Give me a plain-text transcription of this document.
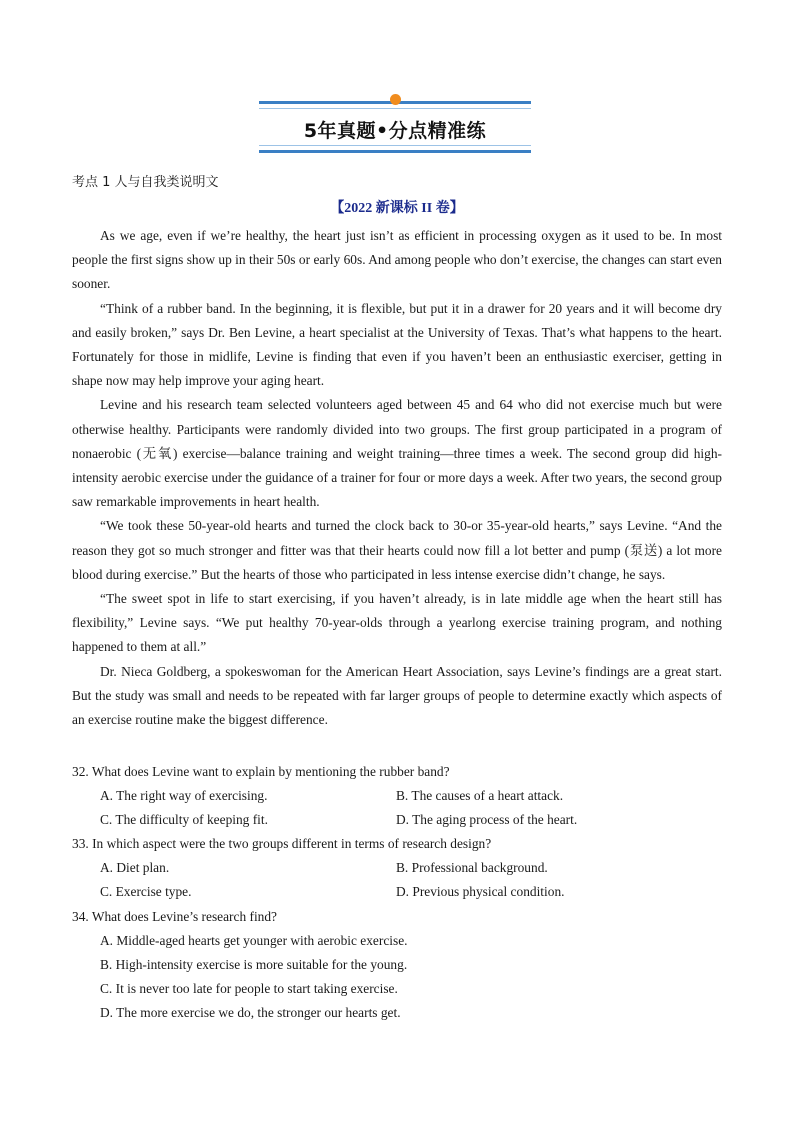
5年真题•分点精准练
考点 1 人与自我类说明文
【2022 新课标 II 卷】

As we age, even if we’re healthy, the heart just isn’t as efficient in processing oxygen as it used to be. In most people the first signs show up in their 50s or early 60s. And among people who don’t exercise, the changes can start even sooner.

“Think of a rubber band. In the beginning, it is flexible, but put it in a drawer for 20 years and it will become dry and easily broken,” says Dr. Ben Levine, a heart specialist at the University of Texas. That’s what happens to the heart. Fortunately for those in midlife, Levine is finding that even if you haven’t been an enthusiastic exerciser, getting in shape now may help improve your aging heart.

Levine and his research team selected volunteers aged between 45 and 64 who did not exercise much but were otherwise healthy. Participants were randomly divided into two groups. The first group participated in a program of nonaerobic (无氧) exercise—balance training and weight training—three times a week. The second group did high-intensity aerobic exercise under the guidance of a trainer for four or more days a week. After two years, the second group saw remarkable improvements in heart health.

“We took these 50-year-old hearts and turned the clock back to 30-or 35-year-old hearts,” says Levine. “And the reason they got so much stronger and fitter was that their hearts could now fill a lot better and pump (泵送) a lot more blood during exercise.” But the hearts of those who participated in less intense exercise didn’t change, he says.

“The sweet spot in life to start exercising, if you haven’t already, is in late middle age when the heart still has flexibility,” Levine says. “We put healthy 70-year-olds through a yearlong exercise training program, and nothing happened to them at all.”

Dr. Nieca Goldberg, a spokeswoman for the American Heart Association, says Levine’s findings are a great start. But the study was small and needs to be repeated with far larger groups of people to determine exactly which aspects of an exercise routine make the biggest difference.

32. What does Levine want to explain by mentioning the rubber band?

A. The right way of exercising.	B. The causes of a heart attack.
C. The difficulty of keeping fit.	D. The aging process of the heart.

33. In which aspect were the two groups different in terms of research design?

A. Diet plan.	B. Professional background.
C. Exercise type.	D. Previous physical condition.

34. What does Levine’s research find?

A. Middle-aged hearts get younger with aerobic exercise.
B. High-intensity exercise is more suitable for the young.
C. It is never too late for people to start taking exercise.
D. The more exercise we do, the stronger our hearts get.
